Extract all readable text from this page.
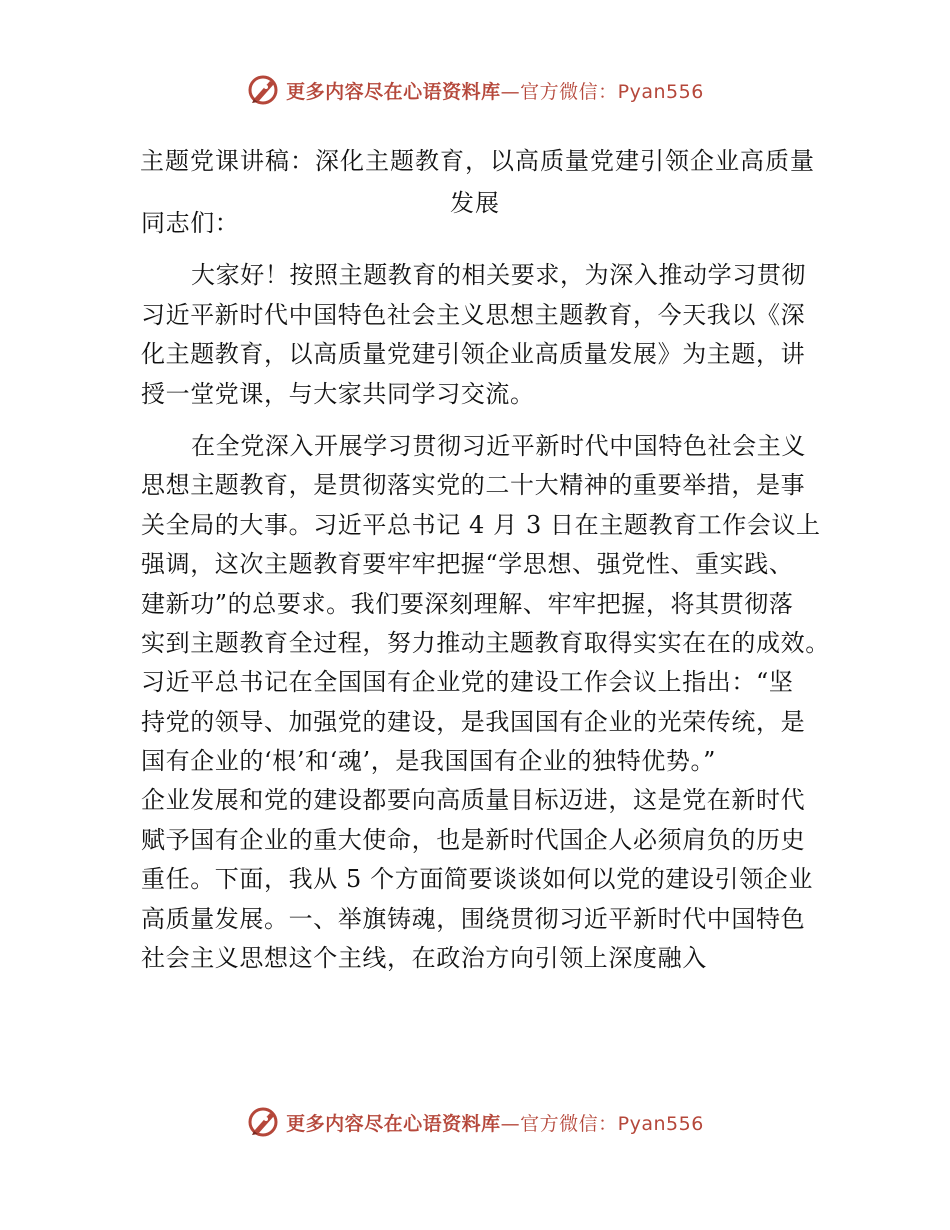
更多内容尽在心语资料库—官方微信：Pyan556
主题党课讲稿：深化主题教育，以高质量党建引领企业高质量
发展
同志们：
大家好！按照主题教育的相关要求，为深入推动学习贯彻
习近平新时代中国特色社会主义思想主题教育，今天我以《深
化主题教育，以高质量党建引领企业高质量发展》为主题，讲
授一堂党课，与大家共同学习交流。
在全党深入开展学习贯彻习近平新时代中国特色社会主义
思想主题教育，是贯彻落实党的二十大精神的重要举措，是事
关全局的大事。习近平总书记 4 月 3 日在主题教育工作会议上
强调，这次主题教育要牢牢把握“学思想、强党性、重实践、
建新功”的总要求。我们要深刻理解、牢牢把握，将其贯彻落
实到主题教育全过程，努力推动主题教育取得实实在在的成效。
习近平总书记在全国国有企业党的建设工作会议上指出：“坚
持党的领导、加强党的建设，是我国国有企业的光荣传统，是
国有企业的‘根’和‘魂’，是我国国有企业的独特优势。”
企业发展和党的建设都要向高质量目标迈进，这是党在新时代
赋予国有企业的重大使命，也是新时代国企人必须肩负的历史
重任。下面，我从 5 个方面简要谈谈如何以党的建设引领企业
高质量发展。一、举旗铸魂，围绕贯彻习近平新时代中国特色
社会主义思想这个主线，在政治方向引领上深度融入
更多内容尽在心语资料库—官方微信：Pyan556
